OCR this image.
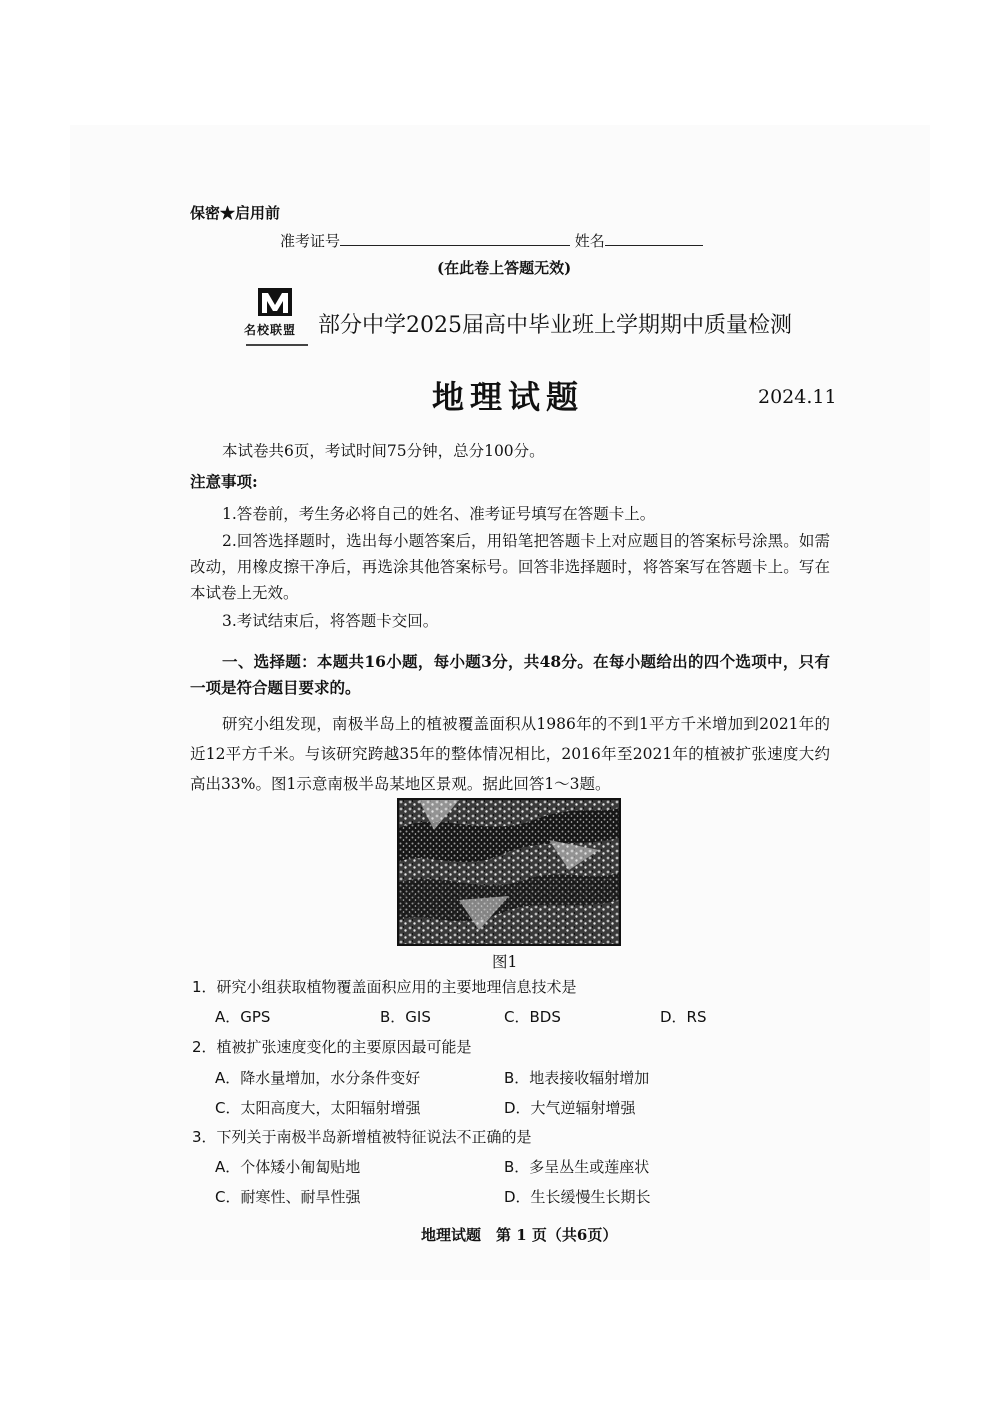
保密★启用前
准考证号	姓名
(在此卷上答题无效)
名校联盟 部分中学2025届高中毕业班上学期期中质量检测
地理试题	2024.11
本试卷共6页，考试时间75分钟，总分100分。
注意事项:
1.答卷前，考生务必将自己的姓名、准考证号填写在答题卡上。
2.回答选择题时，选出每小题答案后，用铅笔把答题卡上对应题目的答案标号涂黑。如需改动，用橡皮擦干净后，再选涂其他答案标号。回答非选择题时，将答案写在答题卡上。写在本试卷上无效。
3.考试结束后，将答题卡交回。
一、选择题：本题共16小题，每小题3分，共48分。在每小题给出的四个选项中，只有一项是符合题目要求的。
研究小组发现，南极半岛上的植被覆盖面积从1986年的不到1平方千米增加到2021年的近12平方千米。与该研究跨越35年的整体情况相比，2016年至2021年的植被扩张速度大约高出33%。图1示意南极半岛某地区景观。据此回答1～3题。
图1
1．研究小组获取植物覆盖面积应用的主要地理信息技术是
A．GPS	B．GIS	C．BDS	D．RS
2．植被扩张速度变化的主要原因最可能是
A．降水量增加，水分条件变好	B．地表接收辐射增加
C．太阳高度大，太阳辐射增强	D．大气逆辐射增强
3．下列关于南极半岛新增植被特征说法不正确的是
A．个体矮小匍匐贴地	B．多呈丛生或莲座状
C．耐寒性、耐旱性强	D．生长缓慢生长期长
地理试题　第 1 页（共6页）
